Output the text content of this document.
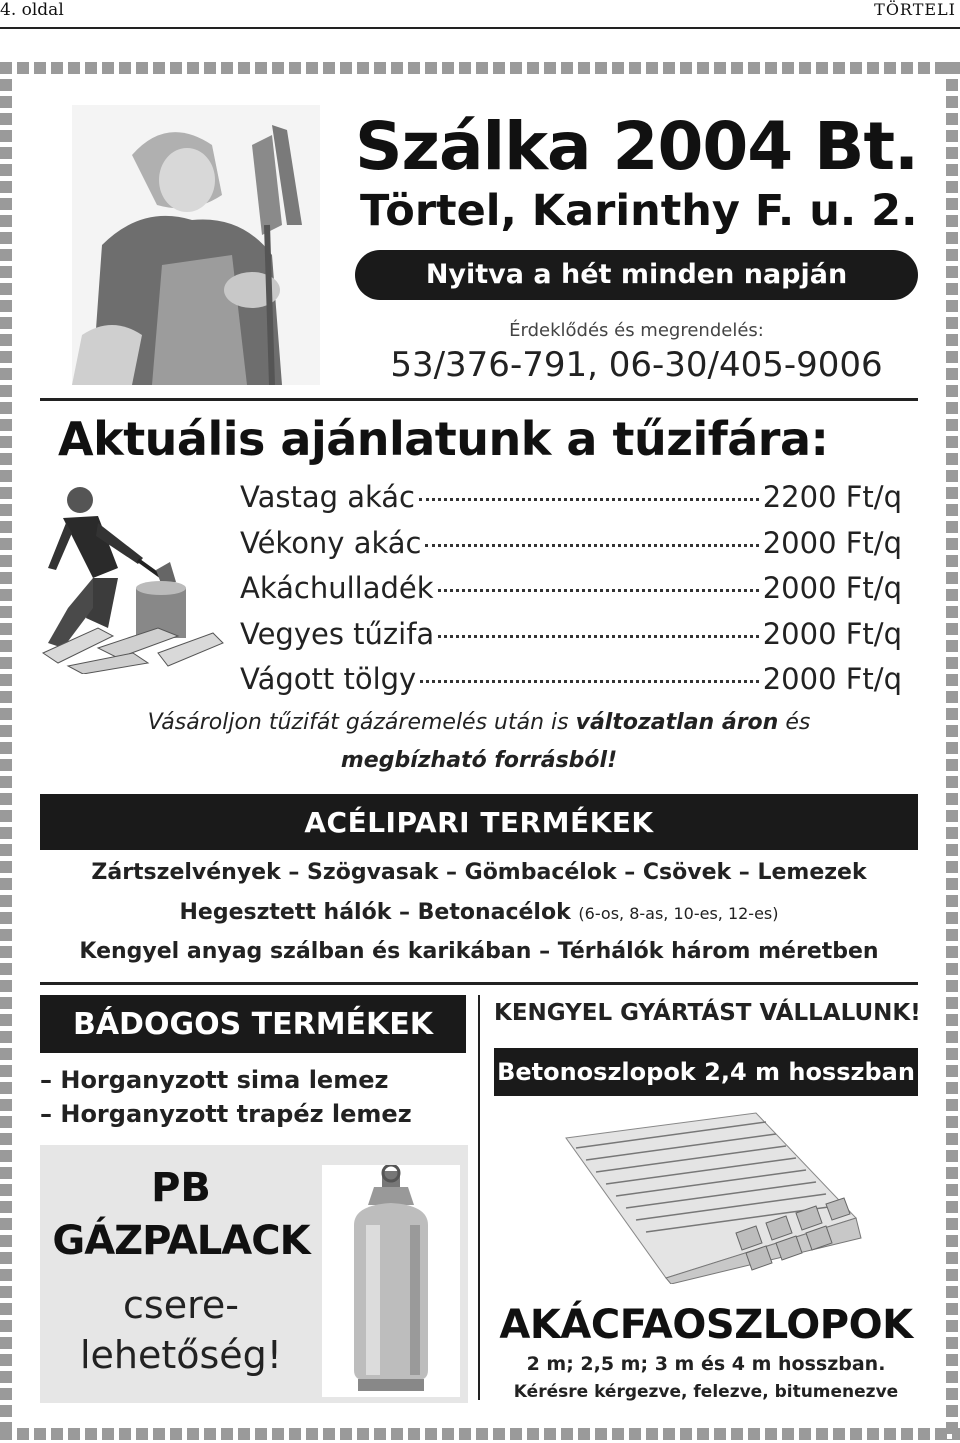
4. oldal	TÖRTELI
Szálka 2004 Bt.
Törtel, Karinthy F. u. 2.
Nyitva a hét minden napján
Érdeklődés és megrendelés:
53/376-791, 06-30/405-9006
Aktuális ajánlatunk a tűzifára:
Vastag akác	2200 Ft/q
Vékony akác	2000 Ft/q
Akáchulladék	2000 Ft/q
Vegyes tűzifa	2000 Ft/q
Vágott tölgy	2000 Ft/q
Vásároljon tűzifát gázáremelés után is változatlan áron és
megbízható forrásból!
ACÉLIPARI TERMÉKEK
Zártszelvények – Szögvasak – Gömbacélok – Csövek – Lemezek
Hegesztett hálók – Betonacélok (6-os, 8-as, 10-es, 12-es)
Kengyel anyag szálban és karikában – Térhálók három méretben
BÁDOGOS TERMÉKEK
– Horganyzott sima lemez
– Horganyzott trapéz lemez
PB
GÁZPALACK
csere-
lehetőség!
KENGYEL GYÁRTÁST VÁLLALUNK!
Betonoszlopok 2,4 m hosszban
AKÁCFAOSZLOPOK
2 m; 2,5 m; 3 m és 4 m hosszban.
Kérésre kérgezve, felezve, bitumenezve
